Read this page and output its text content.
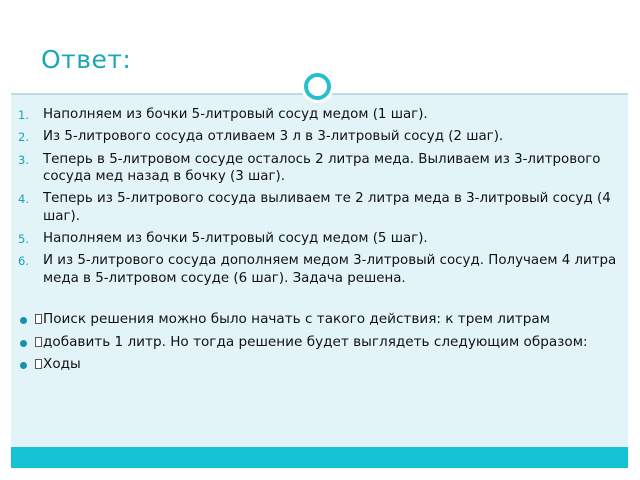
Ответ:
1. Наполняем из бочки 5-литровый сосуд медом (1 шаг).
2. Из 5-литрового сосуда отливаем 3 л в 3-литровый сосуд (2 шаг).
3. Теперь в 5-литровом сосуде осталось 2 литра меда. Выливаем из 3-литрового сосуда мед назад в бочку (3 шаг).
4. Теперь из 5-литрового сосуда выливаем те 2 литра меда в 3-литровый сосуд (4 шаг).
5. Наполняем из бочки 5-литровый сосуд медом (5 шаг).
6. И из 5-литрового сосуда дополняем медом 3-литровый сосуд. Получаем 4 литра меда в 5-литровом сосуде (6 шаг). Задача решена.
Поиск решения можно было начать с такого действия: к трем литрам
добавить 1 литр. Но тогда решение будет выглядеть следующим образом:
Ходы
